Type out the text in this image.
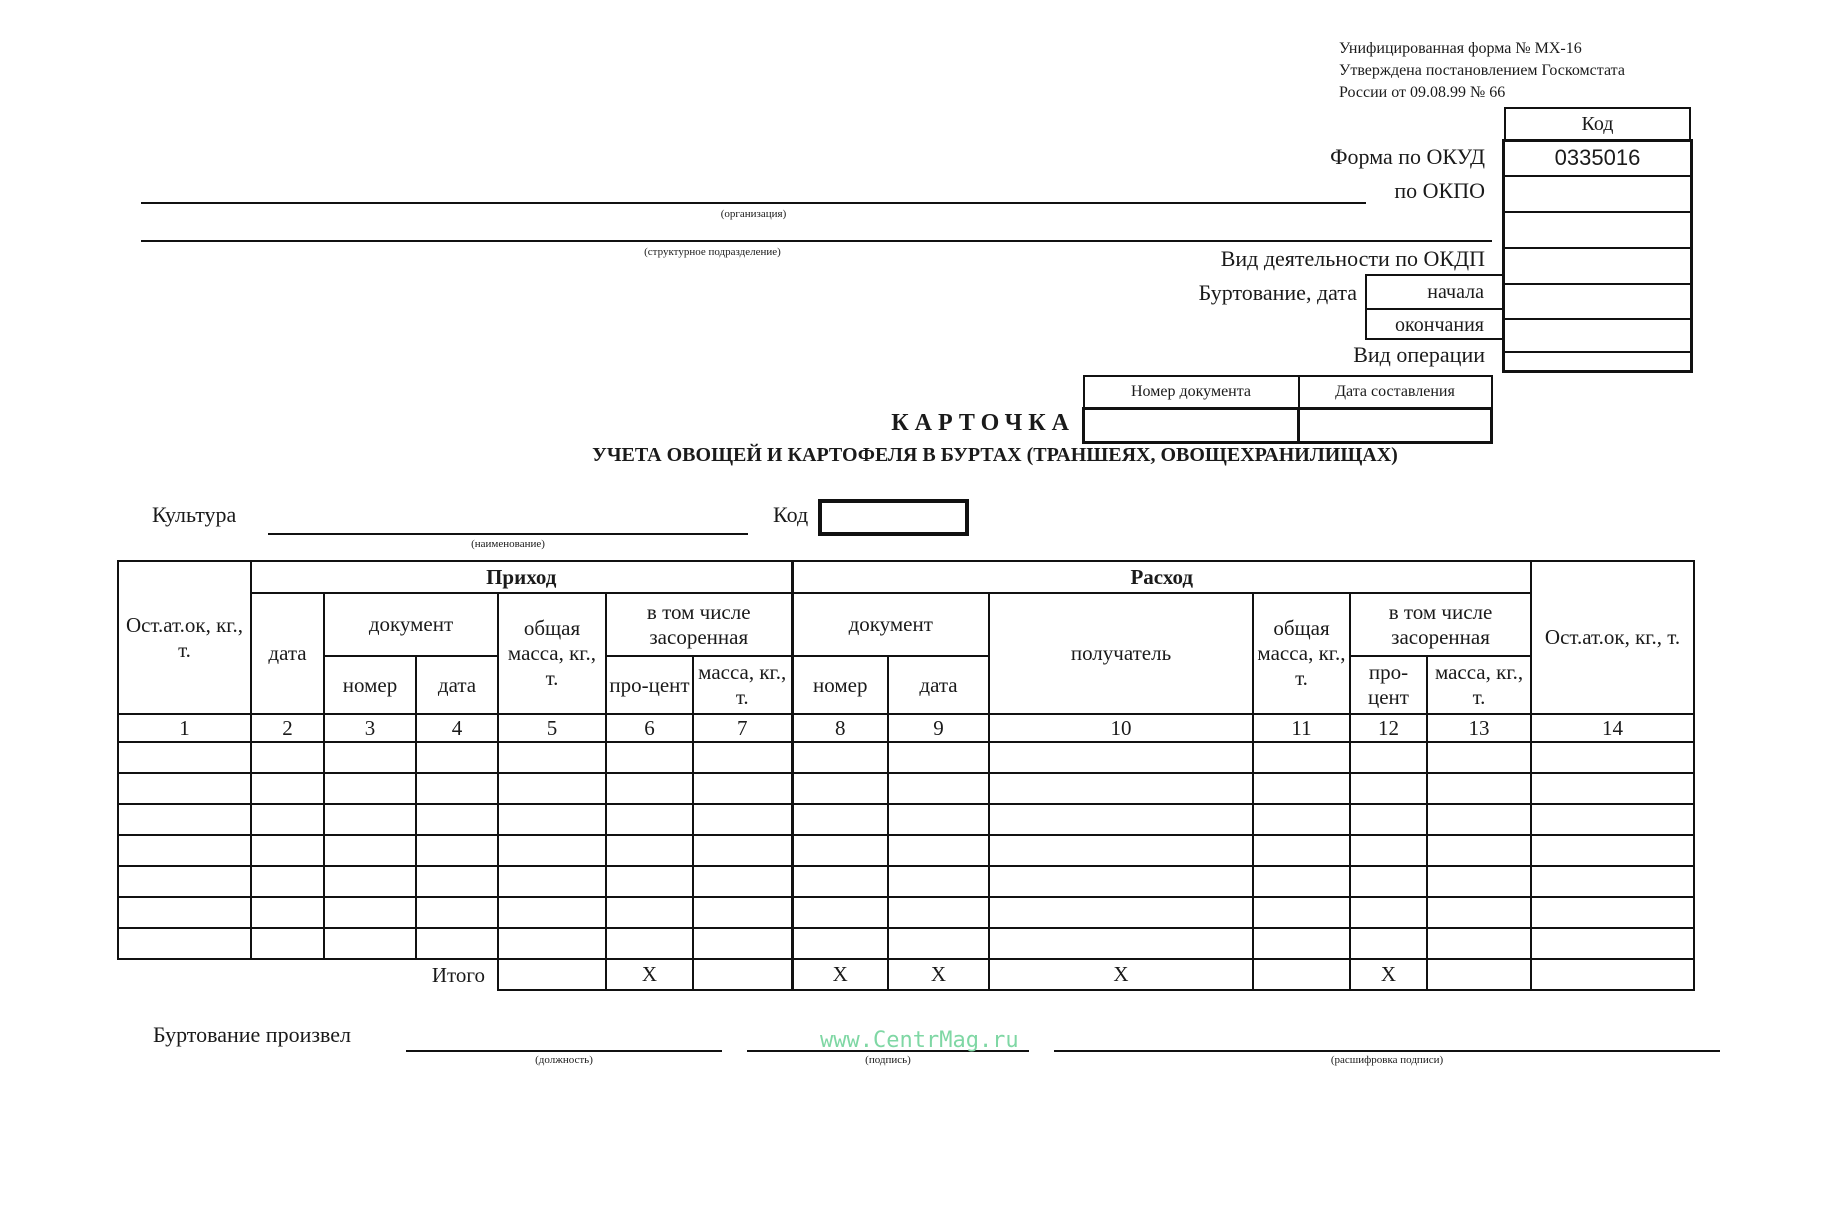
Унифицированная форма № МХ-16
Утверждена постановлением Госкомстата
России от 09.08.99 № 66
Код
0335016
Форма по ОКУД
по ОКПО
Вид деятельности по ОКДП
Буртование, дата	начала
окончания
Вид операции
(организация)
(структурное подразделение)
Номер документа	Дата составления

КАРТОЧКА
УЧЕТА ОВОЩЕЙ И КАРТОФЕЛЯ В БУРТАХ (ТРАНШЕЯХ, ОВОЩЕХРАНИЛИЩАХ)
Культура
(наименование)
Код
Ост.ат.ок, кг., т.	Приход						Расход						Ост.ат.ок, кг., т.
	дата	документ		общая масса, кг., т.	в том числе засоренная		документ		получатель	общая масса, кг., т.	в том числе засоренная		
		номер	дата		про-цент	масса, кг., т.	номер	дата			про-цент	масса, кг., т.	
1	2	3	4	5	6	7	8	9	10	11	12	13	14

Итого					X		X	X	X		X		
Буртование произвел
(должность)	(подпись)	(расшифровка подписи)
www.CentrMag.ru
